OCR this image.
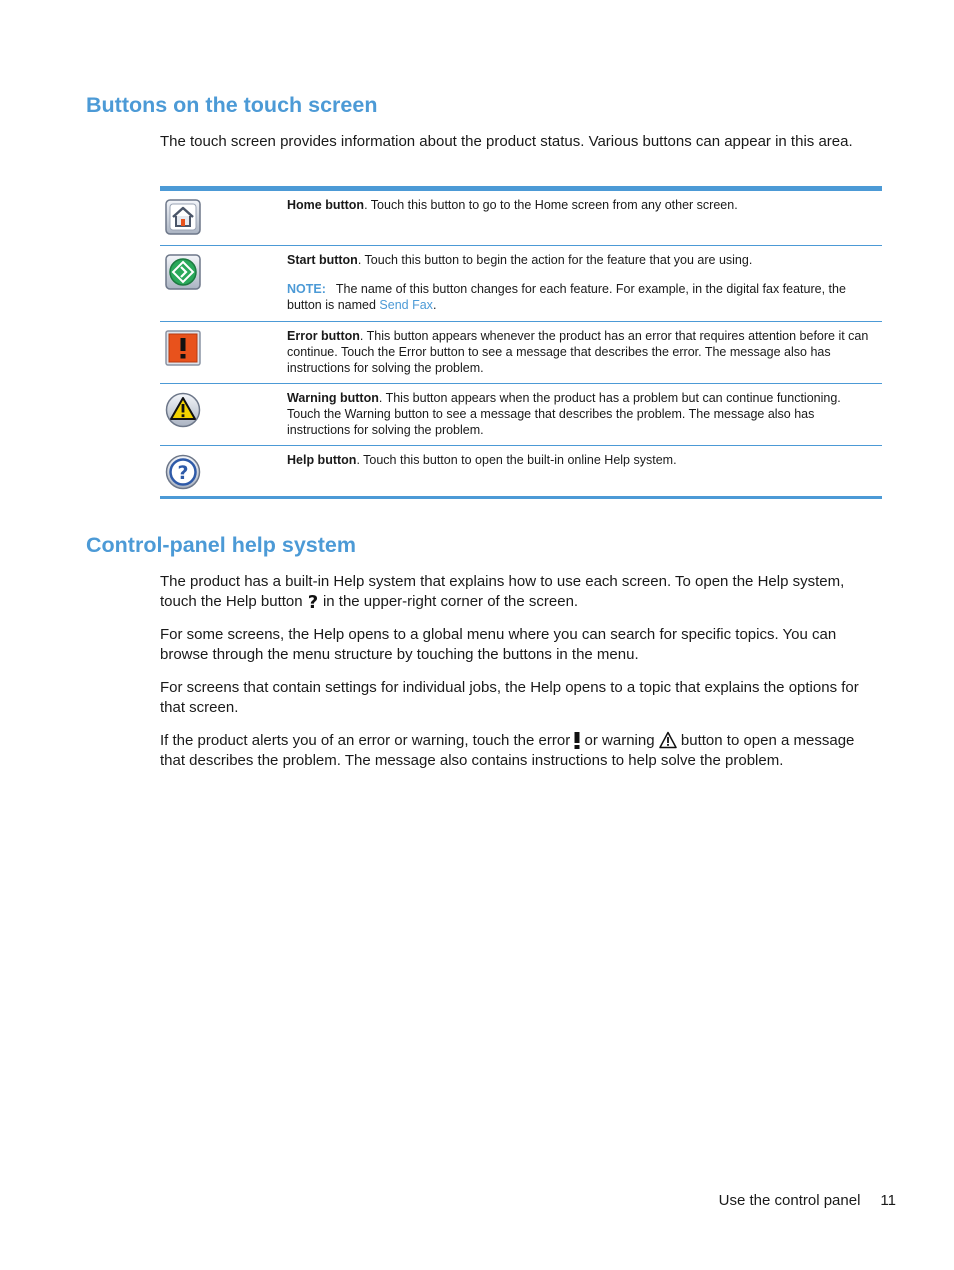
Buttons on the touch screen

The touch screen provides information about the product status. Various buttons can appear in this area.

	Home button. Touch this button to go to the Home screen from any other screen.

	Start button. Touch this button to begin the action for the feature that you are using.
NOTE: The name of this button changes for each feature. For example, in the digital fax feature, the button is named Send Fax.

	Error button. This button appears whenever the product has an error that requires attention before it can continue. Touch the Error button to see a message that describes the error. The message also has instructions for solving the problem.

	Warning button. This button appears when the product has a problem but can continue functioning. Touch the Warning button to see a message that describes the problem. The message also has instructions for solving the problem.

?	Help button. Touch this button to open the built-in online Help system.
Control-panel help system

The product has a built-in Help system that explains how to use each screen. To open the Help system, touch the Help button ? in the upper-right corner of the screen.

For some screens, the Help opens to a global menu where you can search for specific topics. You can browse through the menu structure by touching the buttons in the menu.

For screens that contain settings for individual jobs, the Help opens to a topic that explains the options for that screen.

If the product alerts you of an error or warning, touch the error  or warning  button to open a message that describes the problem. The message also contains instructions to help solve the problem.

Use the control panel 11
